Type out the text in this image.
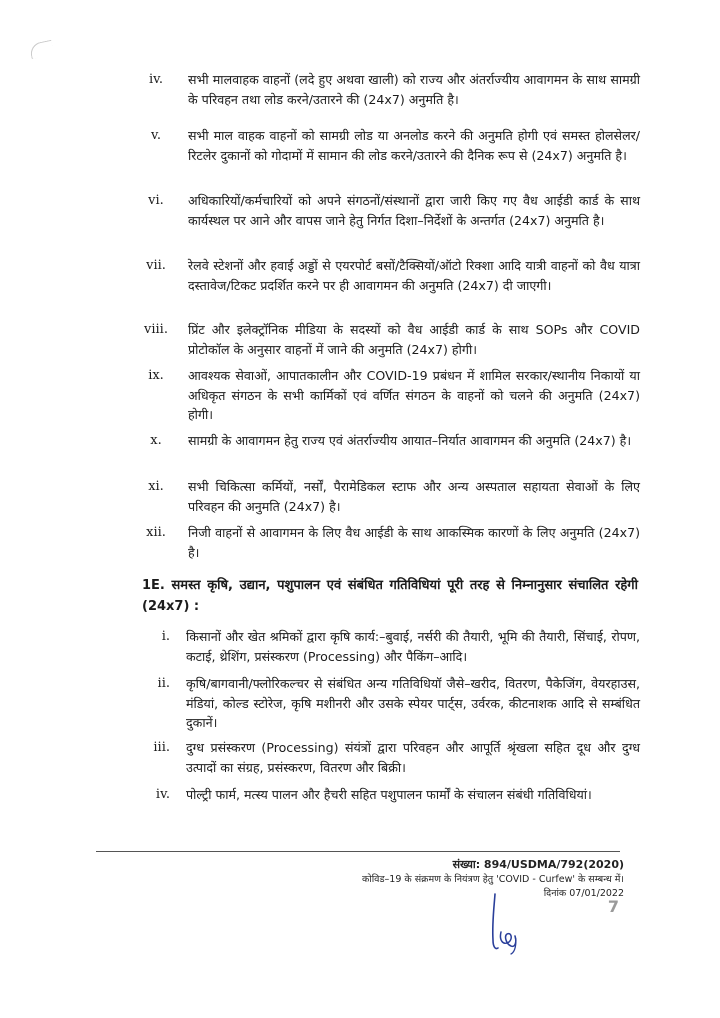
iv.	सभी मालवाहक वाहनों (लदे हुए अथवा खाली) को राज्य और अंतर्राज्यीय आवागमन के साथ सामग्री के परिवहन तथा लोड करने/उतारने की (24x7) अनुमति है।
v.	सभी माल वाहक वाहनों को सामग्री लोड या अनलोड करने की अनुमति होगी एवं समस्त होलसेलर/रिटलेर दुकानों को गोदामों में सामान की लोड करने/उतारने की दैनिक रूप से (24x7) अनुमति है।
vi.	अधिकारियों/कर्मचारियों को अपने संगठनों/संस्थानों द्वारा जारी किए गए वैध आईडी कार्ड के साथ कार्यस्थल पर आने और वापस जाने हेतु निर्गत दिशा–निर्देशों के अन्तर्गत (24x7) अनुमति है।
vii.	रेलवे स्टेशनों और हवाई अड्डों से एयरपोर्ट बसों/टैक्सियों/ऑटो रिक्शा आदि यात्री वाहनों को वैध यात्रा दस्तावेज/टिकट प्रदर्शित करने पर ही आवागमन की अनुमति (24x7) दी जाएगी।
viii.	प्रिंट और इलेक्ट्रॉनिक मीडिया के सदस्यों को वैध आईडी कार्ड के साथ SOPs और COVID प्रोटोकॉल के अनुसार वाहनों में जाने की अनुमति (24x7) होगी।
ix.	आवश्यक सेवाओं, आपातकालीन और COVID-19 प्रबंधन में शामिल सरकार/स्थानीय निकायों या अधिकृत संगठन के सभी कार्मिकों एवं वर्णित संगठन के वाहनों को चलने की अनुमति (24x7) होगी।
x.	सामग्री के आवागमन हेतु राज्य एवं अंतर्राज्यीय आयात–निर्यात आवागमन की अनुमति (24x7) है।
xi.	सभी चिकित्सा कर्मियों, नर्सों, पैरामेडिकल स्टाफ और अन्य अस्पताल सहायता सेवाओं के लिए परिवहन की अनुमति (24x7) है।
xii.	निजी वाहनों से आवागमन के लिए वैध आईडी के साथ आकस्मिक कारणों के लिए अनुमति (24x7) है।
1E. समस्त कृषि, उद्यान, पशुपालन एवं संबंधित गतिविधियां पूरी तरह से निम्नानुसार संचालित रहेगी (24x7) :
i. किसानों और खेत श्रमिकों द्वारा कृषि कार्य:–बुवाई, नर्सरी की तैयारी, भूमि की तैयारी, सिंचाई, रोपण, कटाई, थ्रेशिंग, प्रसंस्करण (Processing) और पैकिंग–आदि।
ii. कृषि/बागवानी/फ्लोरिकल्चर से संबंधित अन्य गतिविधियॉ जैसे–खरीद, वितरण, पैकेजिंग, वेयरहाउस, मंडियां, कोल्ड स्टोरेज, कृषि मशीनरी और उसके स्पेयर पार्ट्स, उर्वरक, कीटनाशक आदि से सम्बंधित दुकानें।
iii. दुग्ध प्रसंस्करण (Processing) संयंत्रों द्वारा परिवहन और आपूर्ति श्रृंखला सहित दूध और दुग्ध उत्पादों का संग्रह, प्रसंस्करण, वितरण और बिक्री।
iv. पोल्ट्री फार्म, मत्स्य पालन और हैचरी सहित पशुपालन फार्मों के संचालन संबंधी गतिविधियां।
संख्या: 894/USDMA/792(2020)
कोविड–19 के संक्रमण के नियंत्रण हेतु 'COVID - Curfew' के सम्बन्ध में।
दिनांक 07/01/2022
7
